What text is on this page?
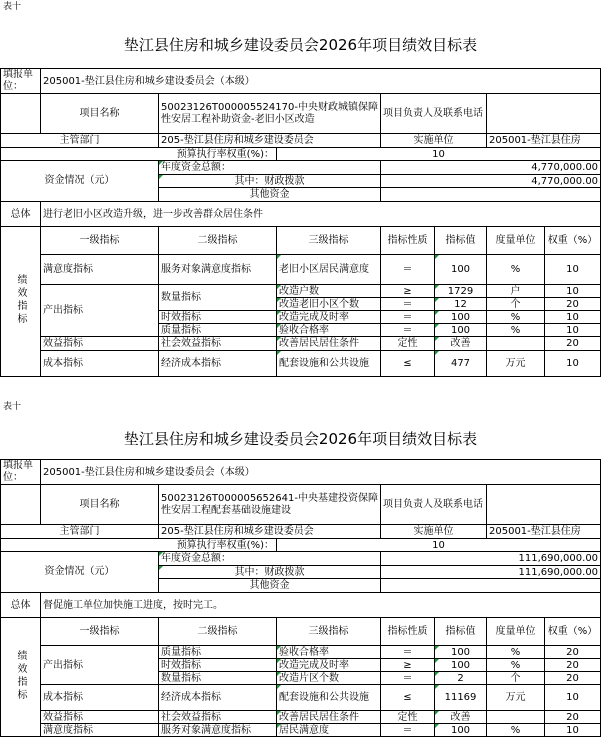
表十
垫江县住房和城乡建设委员会2026年项目绩效目标表
填报单位：	205001-垫江县住房和城乡建设委员会（本级）						
	项目名称	50023126T000005524170-中央财政城镇保障性安居工程补助资金-老旧小区改造		项目负责人及联系电话			
主管部门		205-垫江县住房和城乡建设委员会		实施单位		205001-垫江县住房	
预算执行率权重(%)：			10				
资金情况（元）		年度资金总额：		4,770,000.00			
		其中：财政拨款		4,770,000.00			
		其他资金					
总体	进行老旧小区改造升级，进一步改善群众居住条件						
绩效指标	一级指标	二级指标	三级指标	指标性质	指标值	度量单位	权重（%）
	满意度指标	服务对象满意度指标	老旧小区居民满意度	＝	100	%	10
	产出指标	数量指标	改造户数	≥	1729	户	10
			改造老旧小区个数	＝	12	个	20
		时效指标	改造完成及时率	＝	100	%	10
		质量指标	验收合格率	＝	100	%	10
	效益指标	社会效益指标	改善居民居住条件	定性	改善		20
	成本指标	经济成本指标	配套设施和公共设施	≤	477	万元	10
表十
垫江县住房和城乡建设委员会2026年项目绩效目标表
填报单位：	205001-垫江县住房和城乡建设委员会（本级）						
	项目名称	50023126T000005652641-中央基建投资保障性安居工程配套基础设施建设		项目负责人及联系电话			
主管部门		205-垫江县住房和城乡建设委员会		实施单位		205001-垫江县住房	
预算执行率权重(%)：			10				
资金情况（元）		年度资金总额：		111,690,000.00			
		其中：财政拨款		111,690,000.00			
		其他资金					
总体	督促施工单位加快施工进度，按时完工。						
绩效指标	一级指标	二级指标	三级指标	指标性质	指标值	度量单位	权重（%）
	产出指标	质量指标	验收合格率	＝	100	%	20
		时效指标	改造完成及时率	≥	100	%	20
		数量指标	改造片区个数	＝	2	个	20
	成本指标	经济成本指标	配套设施和公共设施	≤	11169	万元	10
	效益指标	社会效益指标	改善居民居住条件	定性	改善		20
	满意度指标	服务对象满意度指标	居民满意度	＝	100	%	10
